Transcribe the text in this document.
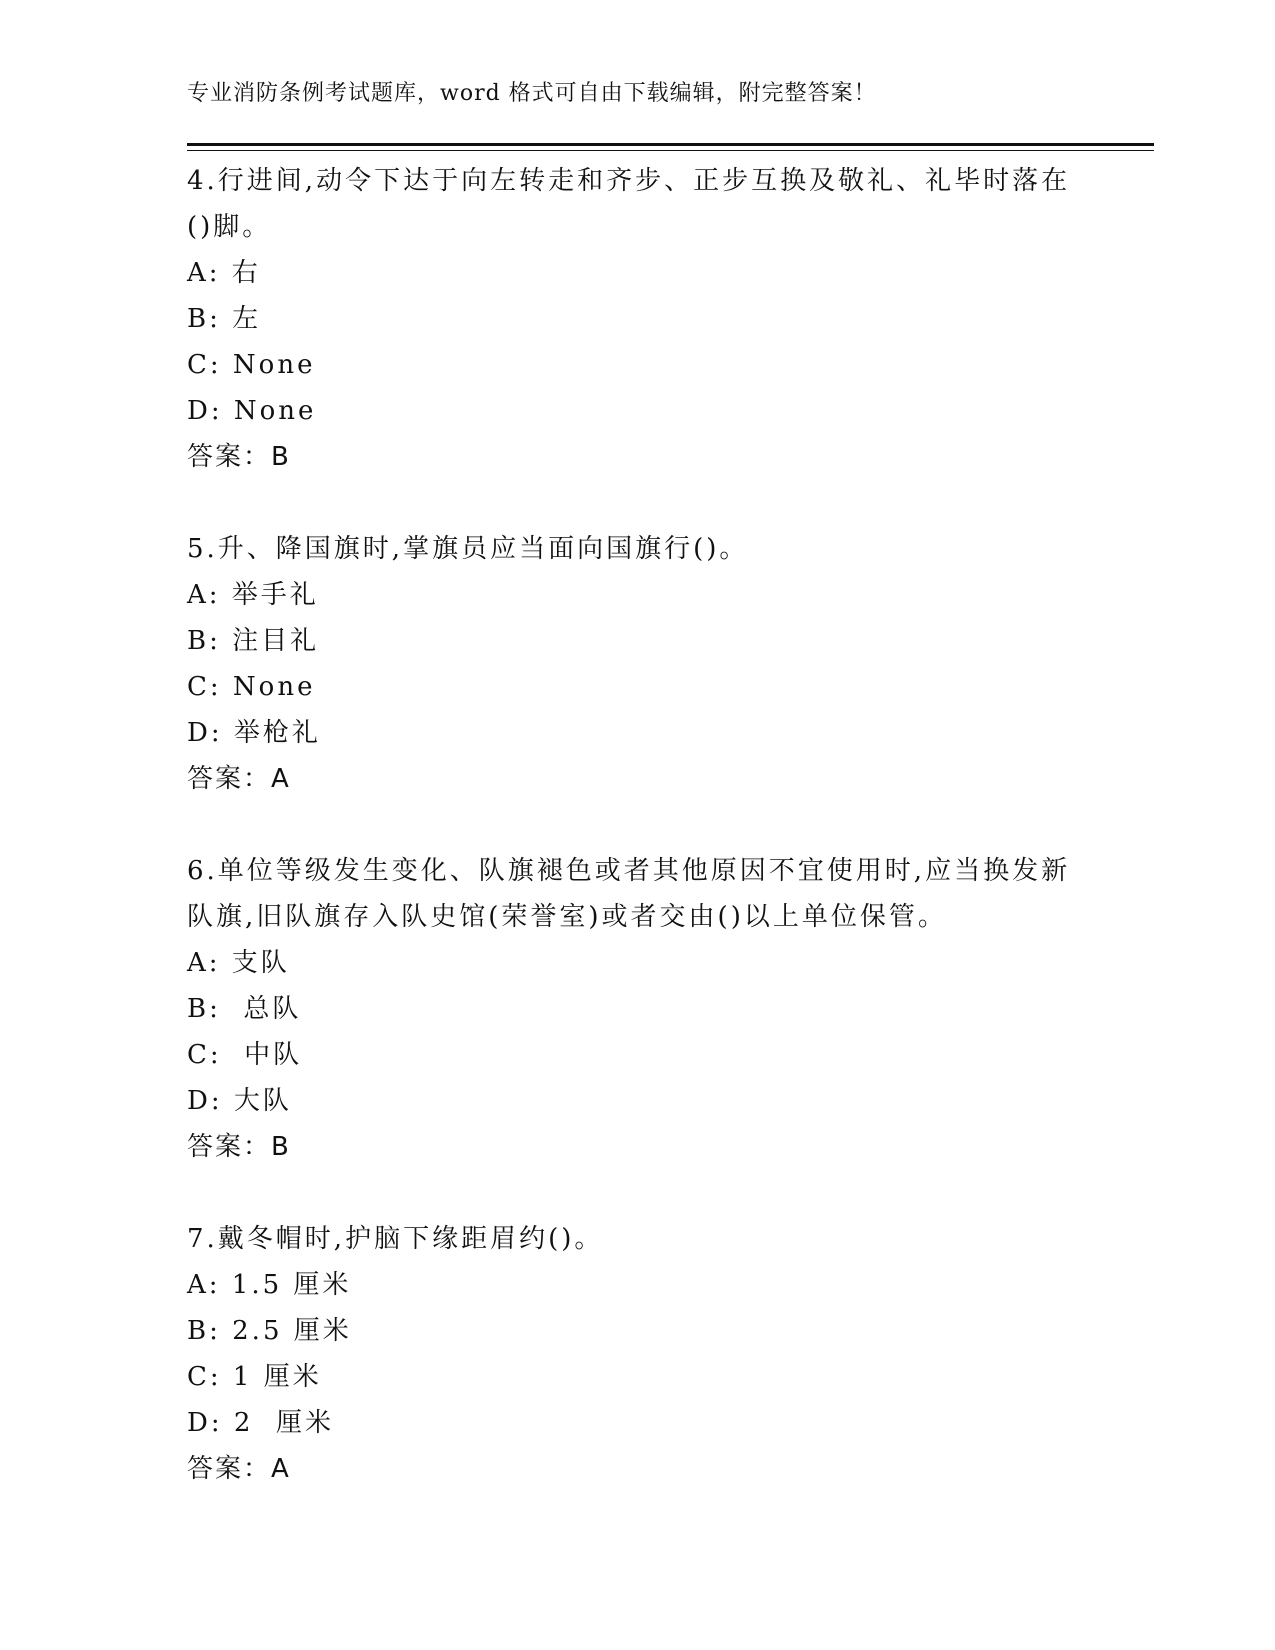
专业消防条例考试题库，word 格式可自由下载编辑，附完整答案！

4.行进间,动令下达于向左转走和齐步、正步互换及敬礼、礼毕时落在()脚。

A: 右
B: 左
C: None
D: None
答案：B

5.升、降国旗时,掌旗员应当面向国旗行()。

A: 举手礼
B: 注目礼
C: None
D: 举枪礼
答案：A

6.单位等级发生变化、队旗褪色或者其他原因不宜使用时,应当换发新队旗,旧队旗存入队史馆(荣誉室)或者交由()以上单位保管。

A: 支队
B:  总队
C:  中队
D: 大队
答案：B

7.戴冬帽时,护脑下缘距眉约()。

A: 1.5 厘米
B: 2.5 厘米
C: 1 厘米
D: 2  厘米
答案：A
